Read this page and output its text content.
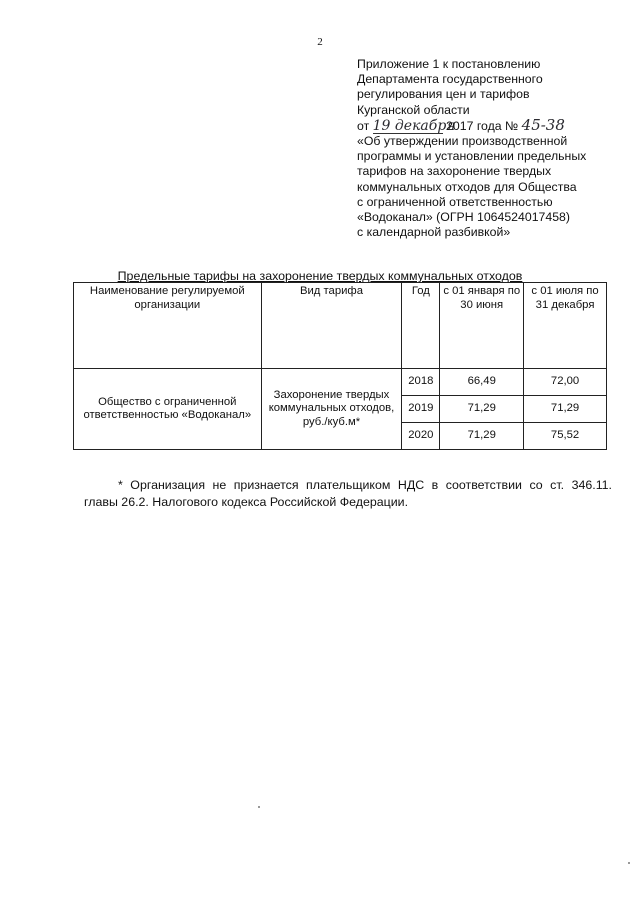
2
Приложение 1 к постановлению
Департамента государственного
регулирования цен и тарифов
Курганской области
от 19 декабря 2017 года № 45-38
«Об утверждении производственной
программы и установлении предельных
тарифов на захоронение твердых
коммунальных отходов для Общества
с ограниченной ответственностью
«Водоканал» (ОГРН 1064524017458)
с календарной разбивкой»
Предельные тарифы на захоронение твердых коммунальных отходов
Наименование регулируемой организации	Вид тарифа	Год	с 01 января по 30 июня	с 01 июля по 31 декабря
Общество с ограниченной ответственностью «Водоканал»	Захоронение твердых коммунальных отходов, руб./куб.м*	2018	66,49	72,00
		2019	71,29	71,29
		2020	71,29	75,52
* Организация не признается плательщиком НДС в соответствии со ст. 346.11.
главы 26.2. Налогового кодекса Российской Федерации.
